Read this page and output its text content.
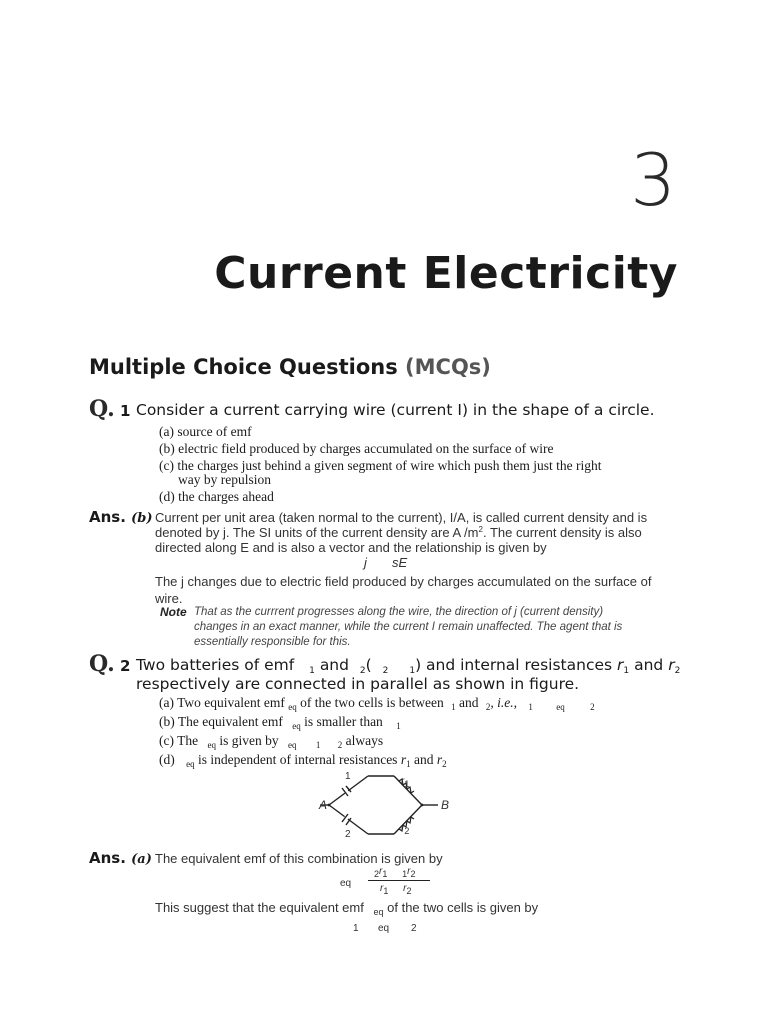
3
Current Electricity
Multiple Choice Questions (MCQs)
Q. 1 Consider a current carrying wire (current I) in the shape of a circle.
(a) source of emf
(b) electric field produced by charges accumulated on the surface of wire
(c) the charges just behind a given segment of wire which push them just the right
way by repulsion
(d) the charges ahead
Ans. (b) Current per unit area (taken normal to the current), I/A, is called current density and is
denoted by j. The SI units of the current density are A $/m^2$. The current density is also
directed along E and is also a vector and the relationship is given by
j sE
The j changes due to electric field produced by charges accumulated on the surface of
wire.
Note That as the currrent progresses along the wire, the direction of j (current density)
changes in an exact manner, while the current I remain unaffected. The agent that is
essentially responsible for this.
Q. 2 Two batteries of emf 1 and 2( 2 1) and internal resistances r1 and r2
respectively are connected in parallel as shown in figure.
(a) Two equivalent emf $_{eq}$ of the two cells is between $_1$ and $_2$, i.e., $_1$	$_{eq}$	$_2$
(b) The equivalent emf $_{eq}$ is smaller than $_1$
(c) The $_{eq}$ is given by $_{eq}$ $_1$ $_2$ always
(d) $_{eq}$ is independent of internal resistances $r_1$ and $r_2$
1	r1
A	B
2
r2
Ans. (a) The equivalent emf of this combination is given by
eq
2r1 1r2
r1 r2
This suggest that the equivalent emf $_{eq}$ of the two cells is given by
1 eq 2
